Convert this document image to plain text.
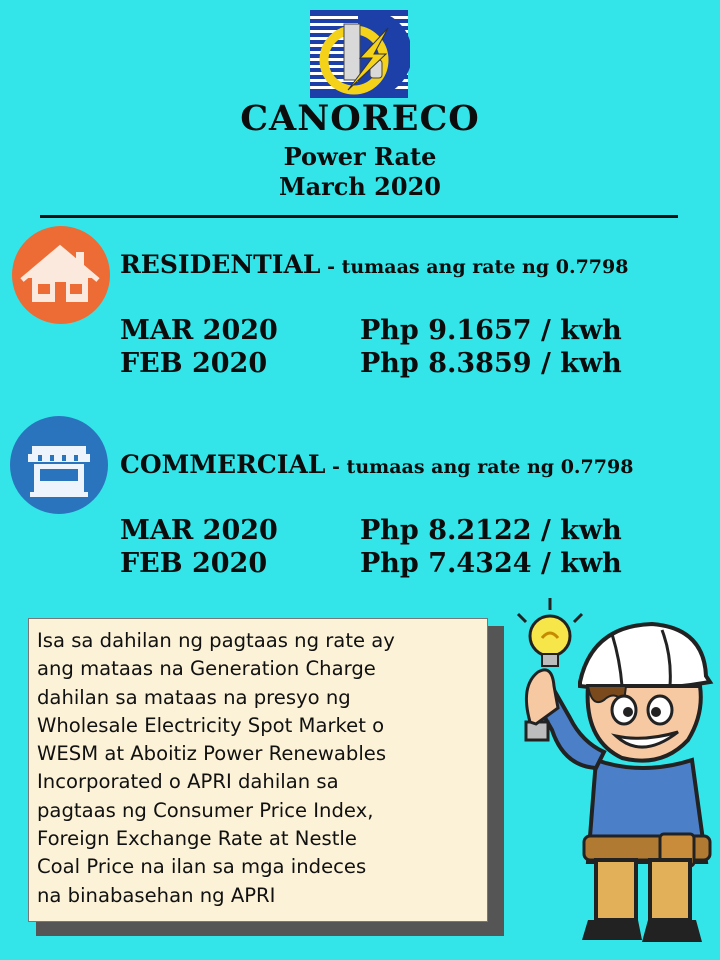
CANORECO
Power Rate
March 2020
RESIDENTIAL - tumaas ang rate ng 0.7798
MAR 2020	Php 9.1657 / kwh
FEB 2020	Php 8.3859 / kwh
COMMERCIAL - tumaas ang rate ng 0.7798
MAR 2020	Php 8.2122 / kwh
FEB 2020	Php 7.4324 / kwh
Isa sa dahilan ng pagtaas ng rate ay
ang mataas na Generation Charge
dahilan sa mataas na presyo ng
Wholesale Electricity Spot Market o
WESM at Aboitiz Power Renewables
Incorporated o APRI dahilan sa
pagtaas ng Consumer Price Index,
Foreign Exchange Rate at Nestle
Coal Price na ilan sa mga indeces
na binabasehan ng APRI
